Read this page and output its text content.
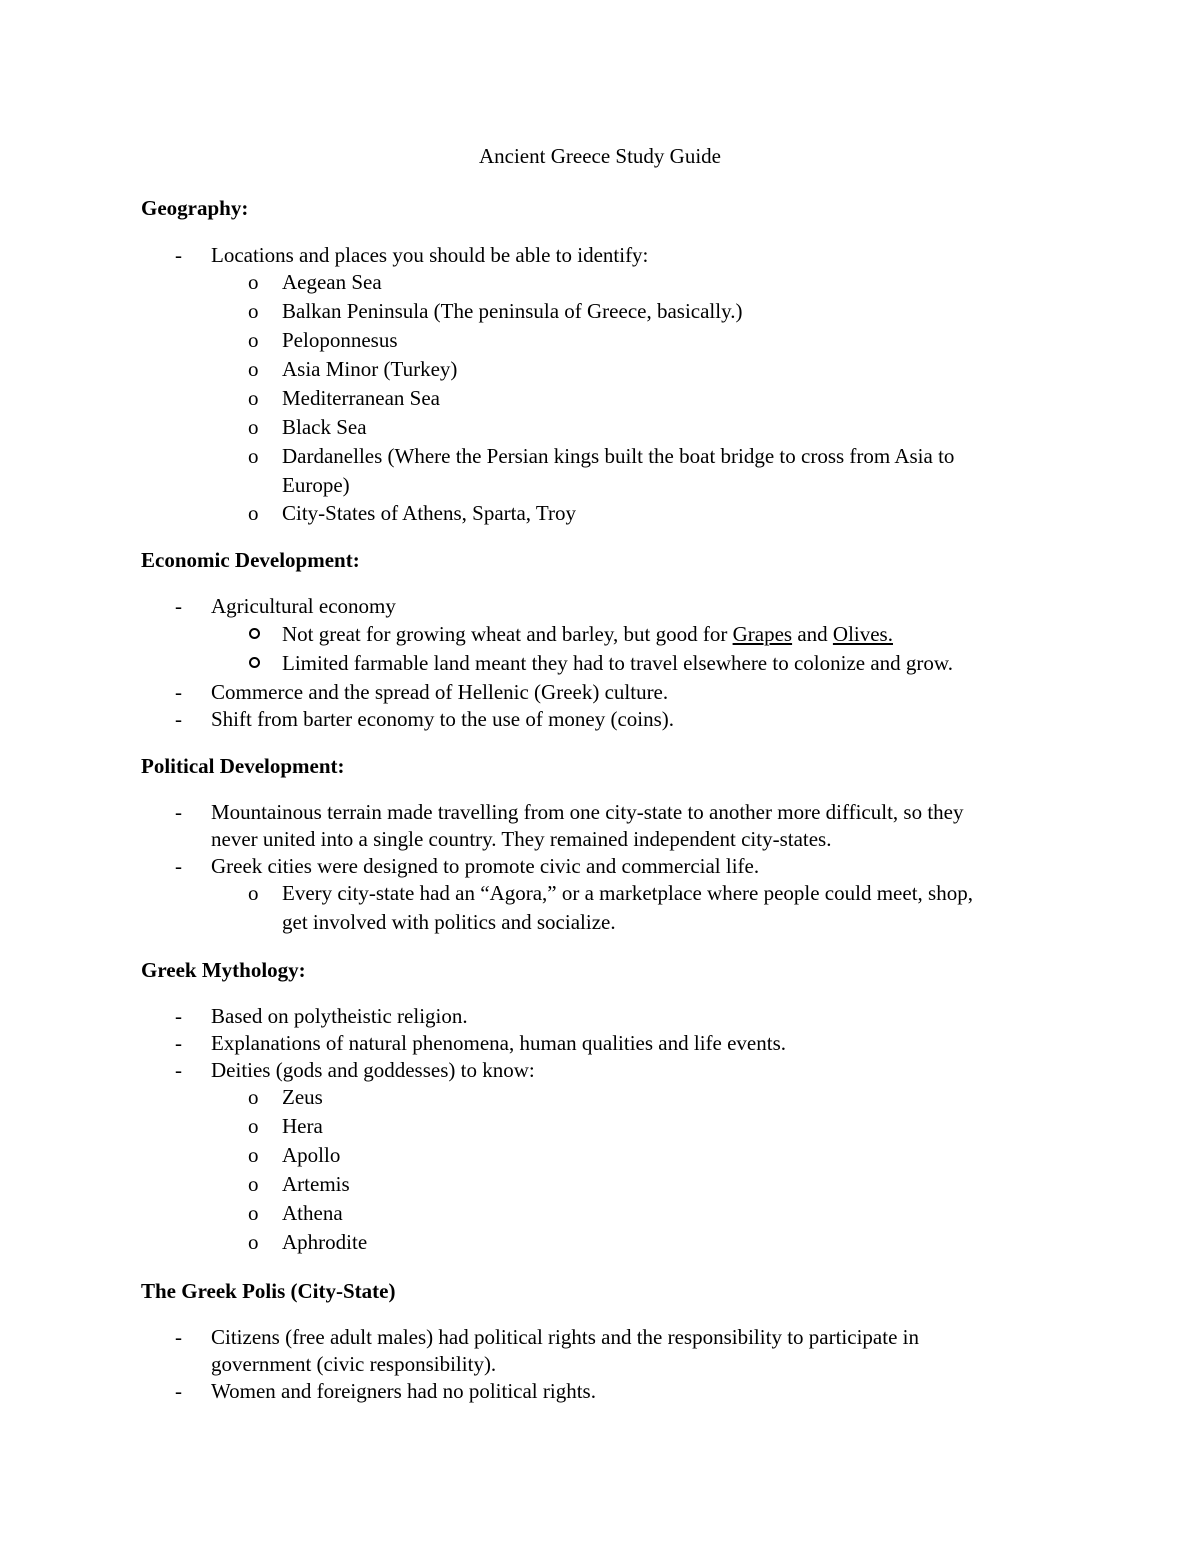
Ancient Greece Study Guide
Geography:
- Locations and places you should be able to identify:
o Aegean Sea
o Balkan Peninsula (The peninsula of Greece, basically.)
o Peloponnesus
o Asia Minor (Turkey)
o Mediterranean Sea
o Black Sea
o Dardanelles (Where the Persian kings built the boat bridge to cross from Asia to
Europe)
o City-States of Athens, Sparta, Troy
Economic Development:
- Agricultural economy
Not great for growing wheat and barley, but good for Grapes and Olives.
Limited farmable land meant they had to travel elsewhere to colonize and grow.
- Commerce and the spread of Hellenic (Greek) culture.
- Shift from barter economy to the use of money (coins).
Political Development:
- Mountainous terrain made travelling from one city-state to another more difficult, so they
never united into a single country. They remained independent city-states.
- Greek cities were designed to promote civic and commercial life.
o Every city-state had an “Agora,” or a marketplace where people could meet, shop,
get involved with politics and socialize.
Greek Mythology:
- Based on polytheistic religion.
- Explanations of natural phenomena, human qualities and life events.
- Deities (gods and goddesses) to know:
o Zeus
o Hera
o Apollo
o Artemis
o Athena
o Aphrodite
The Greek Polis (City-State)
- Citizens (free adult males) had political rights and the responsibility to participate in
government (civic responsibility).
- Women and foreigners had no political rights.
